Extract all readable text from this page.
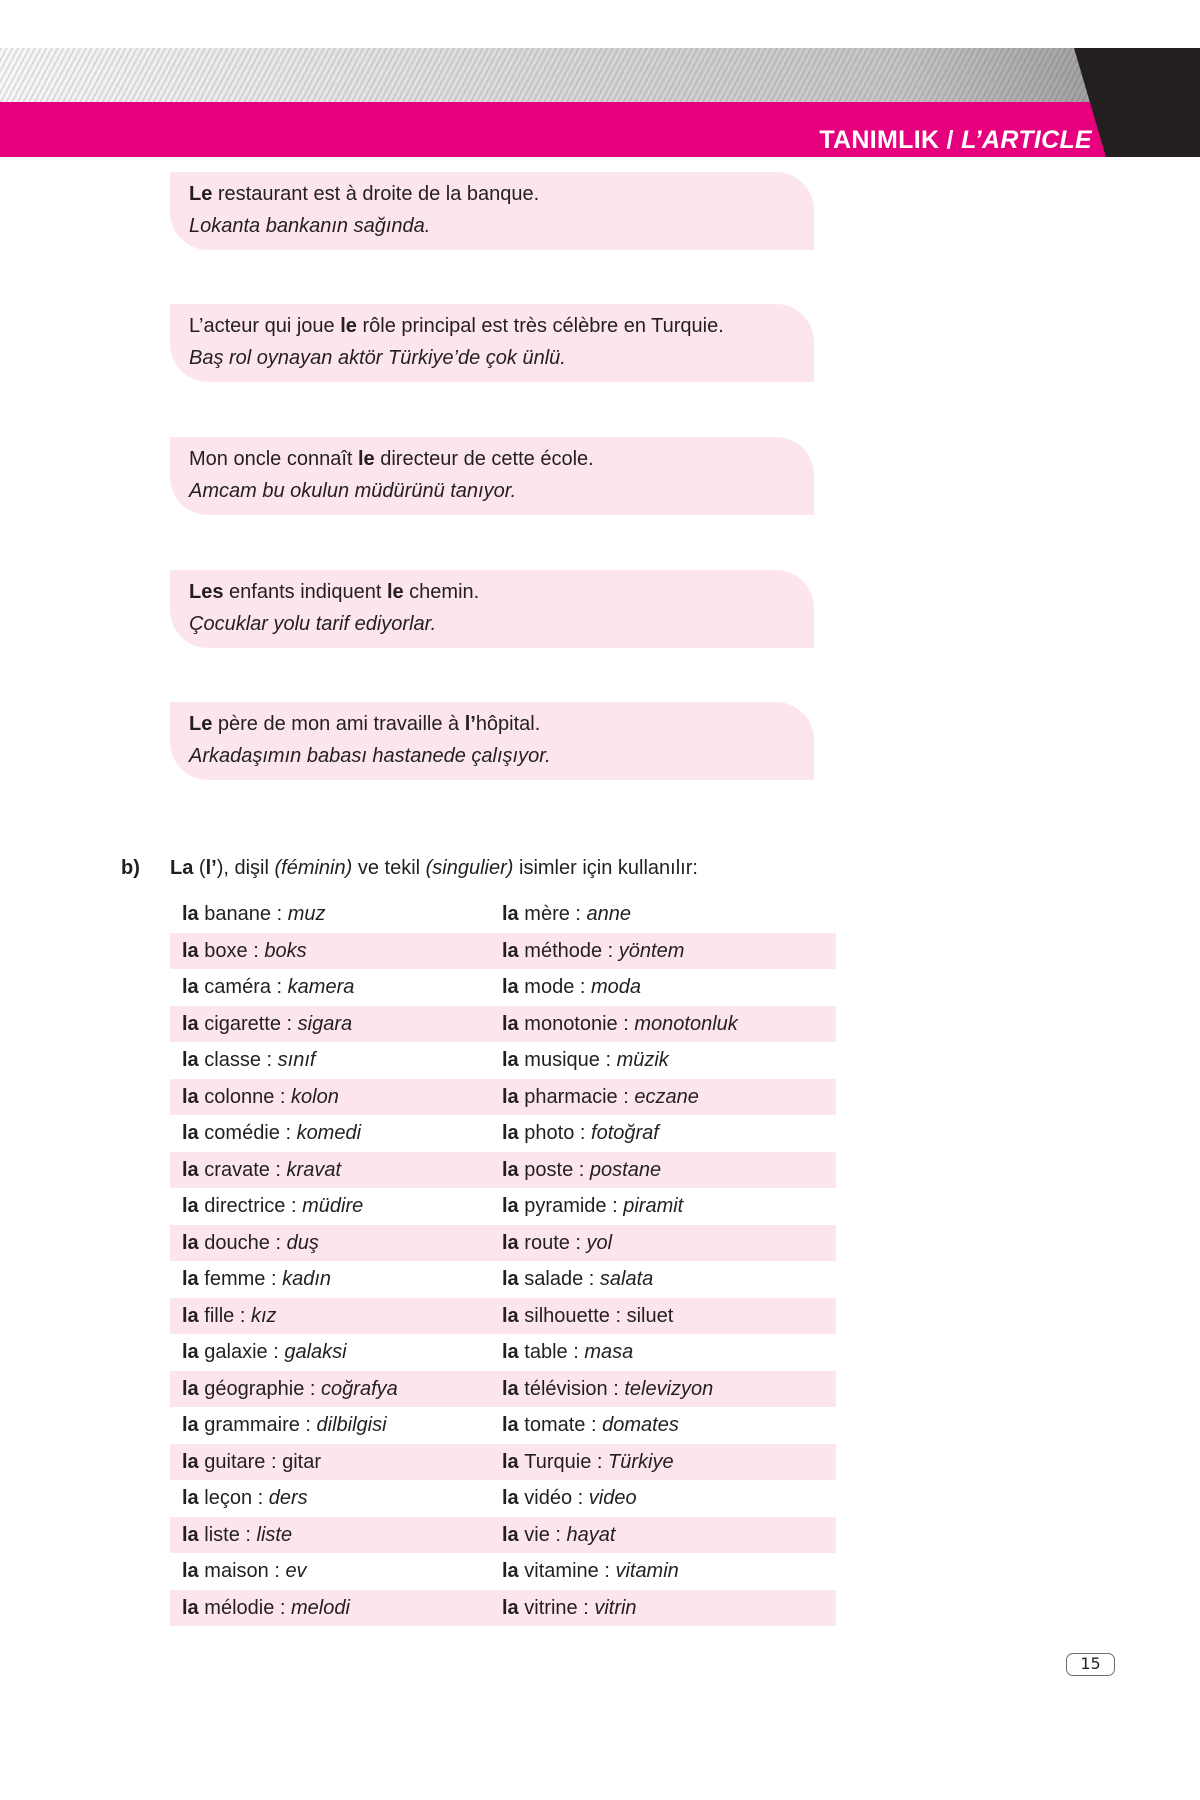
TANIMLIK / L’ARTICLE
Le restaurant est à droite de la banque.
Lokanta bankanın sağında.
L’acteur qui joue le rôle principal est très célèbre en Turquie.
Baş rol oynayan aktör Türkiye’de çok ünlü.
Mon oncle connaît le directeur de cette école.
Amcam bu okulun müdürünü tanıyor.
Les enfants indiquent le chemin.
Çocuklar yolu tarif ediyorlar.
Le père de mon ami travaille à l’hôpital.
Arkadaşımın babası hastanede çalışıyor.
b) La (l’), dişil (féminin) ve tekil (singulier) isimler için kullanılır:
la banane : muz	la mère : anne
la boxe : boks	la méthode : yöntem
la caméra : kamera	la mode : moda
la cigarette : sigara	la monotonie : monotonluk
la classe : sınıf	la musique : müzik
la colonne : kolon	la pharmacie : eczane
la comédie : komedi	la photo : fotoğraf
la cravate : kravat	la poste : postane
la directrice : müdire	la pyramide : piramit
la douche : duş	la route : yol
la femme : kadın	la salade : salata
la fille : kız	la silhouette : siluet
la galaxie : galaksi	la table : masa
la géographie : coğrafya	la télévision : televizyon
la grammaire : dilbilgisi	la tomate : domates
la guitare : gitar	la Turquie : Türkiye
la leçon : ders	la vidéo : video
la liste : liste	la vie : hayat
la maison : ev	la vitamine : vitamin
la mélodie : melodi	la vitrine : vitrin
15
